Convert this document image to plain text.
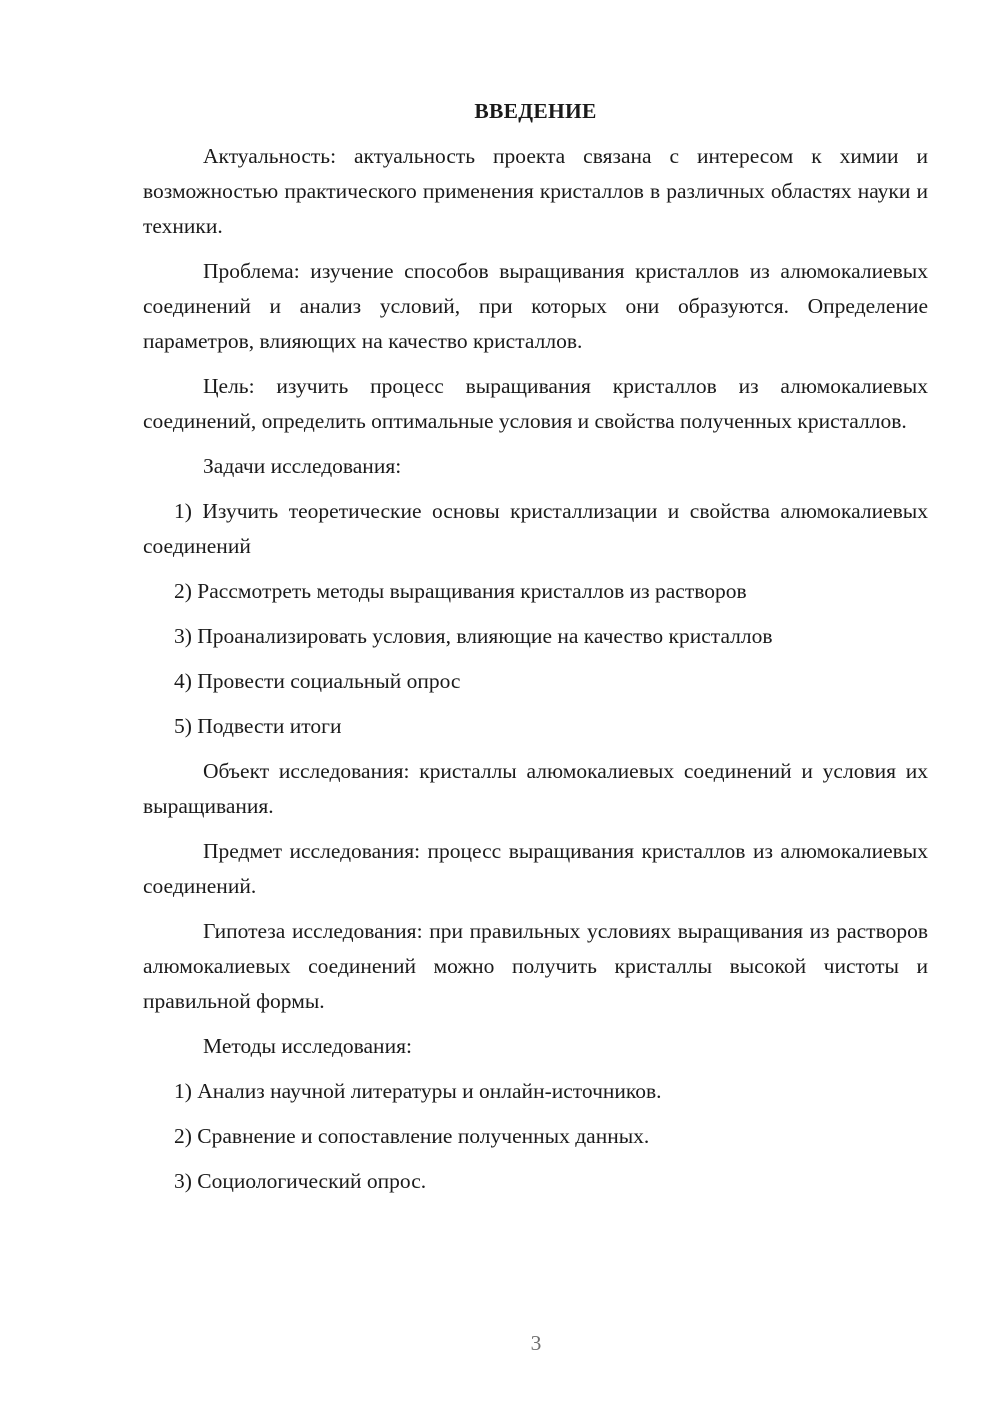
ВВЕДЕНИЕ

Актуальность: актуальность проекта связана с интересом к химии и возможностью практического применения кристаллов в различных областях науки и техники.

Проблема: изучение способов выращивания кристаллов из алюмокалиевых соединений и анализ условий, при которых они образуются. Определение параметров, влияющих на качество кристаллов.

Цель: изучить процесс выращивания кристаллов из алюмокалиевых соединений, определить оптимальные условия и свойства полученных кристаллов.

Задачи исследования:

1) Изучить теоретические основы кристаллизации и свойства алюмокалиевых соединений

2) Рассмотреть методы выращивания кристаллов из растворов

3) Проанализировать условия, влияющие на качество кристаллов

4) Провести социальный опрос

5) Подвести итоги

Объект исследования: кристаллы алюмокалиевых соединений и условия их выращивания.

Предмет исследования: процесс выращивания кристаллов из алюмокалиевых соединений.

Гипотеза исследования: при правильных условиях выращивания из растворов алюмокалиевых соединений можно получить кристаллы высокой чистоты и правильной формы.

Методы исследования:

1) Анализ научной литературы и онлайн-источников.

2) Сравнение и сопоставление полученных данных.

3) Социологический опрос.

3
